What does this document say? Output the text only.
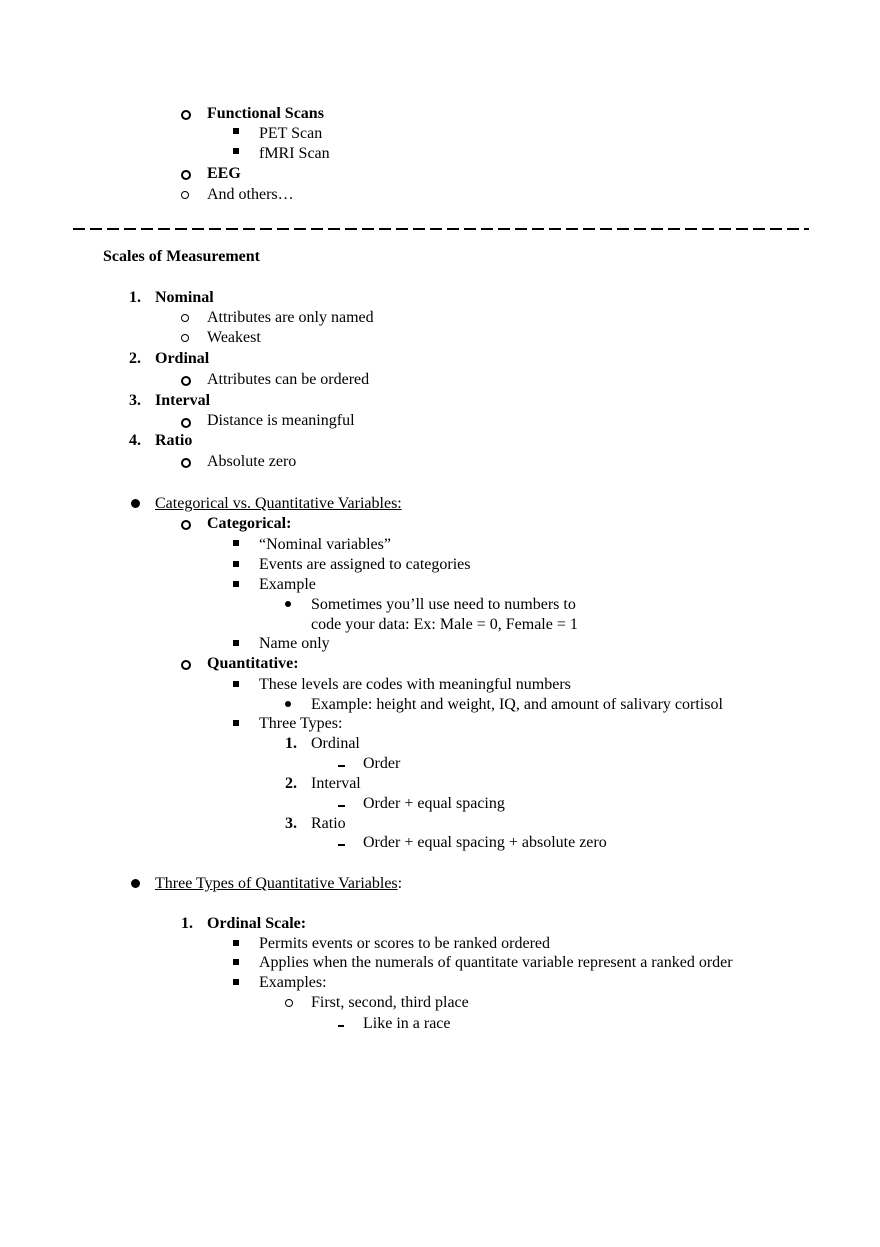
Functional Scans
PET Scan
fMRI Scan
EEG
And others…
Scales of Measurement
1. Nominal
Attributes are only named
Weakest
2. Ordinal
Attributes can be ordered
3. Interval
Distance is meaningful
4. Ratio
Absolute zero
Categorical vs. Quantitative Variables:
Categorical:
“Nominal variables”
Events are assigned to categories
Example
Sometimes you’ll use need to numbers to
code your data: Ex: Male = 0, Female = 1
Name only
Quantitative:
These levels are codes with meaningful numbers
Example: height and weight, IQ, and amount of salivary cortisol
Three Types:
1. Ordinal
Order
2. Interval
Order + equal spacing
3. Ratio
Order + equal spacing + absolute zero
Three Types of Quantitative Variables:
1. Ordinal Scale:
Permits events or scores to be ranked ordered
Applies when the numerals of quantitate variable represent a ranked order
Examples:
First, second, third place
Like in a race
